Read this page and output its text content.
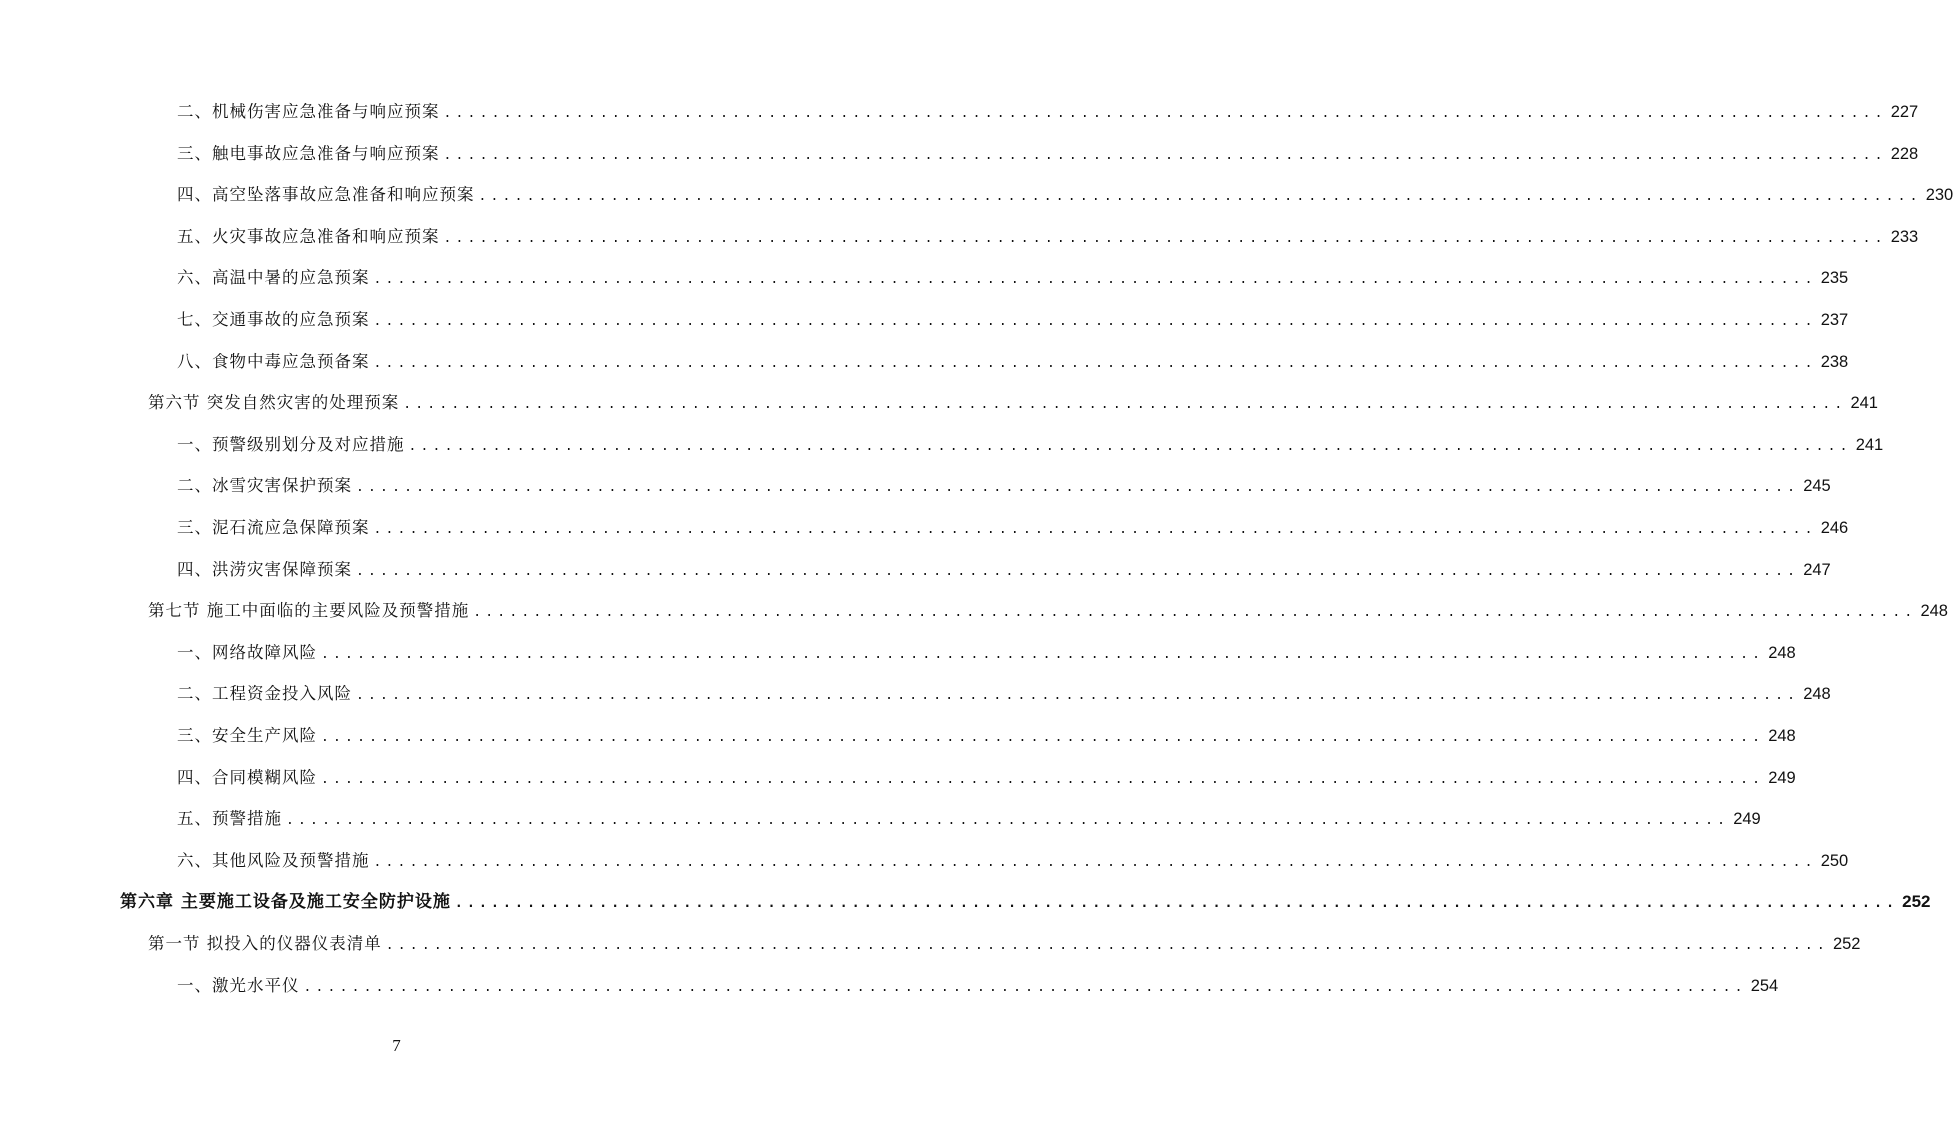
二、机械伤害应急准备与响应预案 ........................................................................................................................ 227
三、触电事故应急准备与响应预案 ........................................................................................................................ 228
四、高空坠落事故应急准备和响应预案 ........................................................................................................................ 230
五、火灾事故应急准备和响应预案 ........................................................................................................................ 233
六、高温中暑的应急预案 ........................................................................................................................ 235
七、交通事故的应急预案 ........................................................................................................................ 237
八、食物中毒应急预备案 ........................................................................................................................ 238
第六节 突发自然灾害的处理预案 ........................................................................................................................ 241
一、预警级别划分及对应措施 ........................................................................................................................ 241
二、冰雪灾害保护预案 ........................................................................................................................ 245
三、泥石流应急保障预案 ........................................................................................................................ 246
四、洪涝灾害保障预案 ........................................................................................................................ 247
第七节 施工中面临的主要风险及预警措施 ........................................................................................................................ 248
一、网络故障风险 ........................................................................................................................ 248
二、工程资金投入风险 ........................................................................................................................ 248
三、安全生产风险 ........................................................................................................................ 248
四、合同模糊风险 ........................................................................................................................ 249
五、预警措施 ........................................................................................................................ 249
六、其他风险及预警措施 ........................................................................................................................ 250
第六章 主要施工设备及施工安全防护设施 ........................................................................................................................ 252
第一节 拟投入的仪器仪表清单 ........................................................................................................................ 252
一、激光水平仪 ........................................................................................................................ 254
7
